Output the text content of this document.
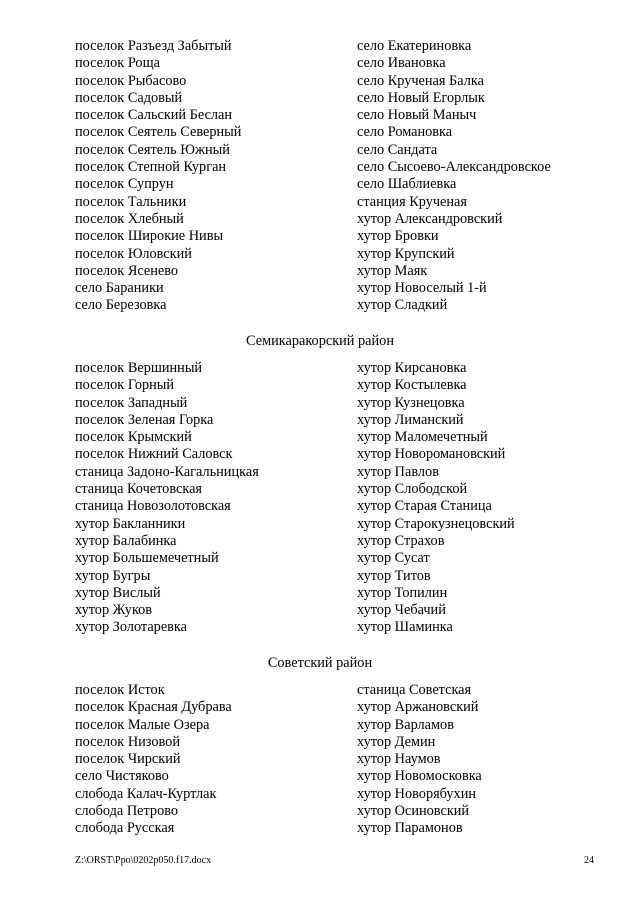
поселок Разъезд Забытый
поселок Роща
поселок Рыбасово
поселок Садовый
поселок Сальский Беслан
поселок Сеятель Северный
поселок Сеятель Южный
поселок Степной Курган
поселок Супрун
поселок Тальники
поселок Хлебный
поселок Широкие Нивы
поселок Юловский
поселок Ясенево
село Бараники
село Березовка
село Екатериновка
село Ивановка
село Крученая Балка
село Новый Егорлык
село Новый Маныч
село Романовка
село Сандата
село Сысоево-Александровское
село Шаблиевка
станция Крученая
хутор Александровский
хутор Бровки
хутор Крупский
хутор Маяк
хутор Новоселый 1-й
хутор Сладкий
Семикаракорский район
поселок Вершинный
поселок Горный
поселок Западный
поселок Зеленая Горка
поселок Крымский
поселок Нижний Саловск
станица Задоно-Кагальницкая
станица Кочетовская
станица Новозолотовская
хутор Бакланники
хутор Балабинка
хутор Большемечетный
хутор Бугры
хутор Вислый
хутор Жуков
хутор Золотаревка
хутор Кирсановка
хутор Костылевка
хутор Кузнецовка
хутор Лиманский
хутор Маломечетный
хутор Новоромановский
хутор Павлов
хутор Слободской
хутор Старая Станица
хутор Старокузнецовский
хутор Страхов
хутор Сусат
хутор Титов
хутор Топилин
хутор Чебачий
хутор Шаминка
Советский район
поселок Исток
поселок Красная Дубрава
поселок Малые Озера
поселок Низовой
поселок Чирский
село Чистяково
слобода Калач-Куртлак
слобода Петрово
слобода Русская
станица Советская
хутор Аржановский
хутор Варламов
хутор Демин
хутор Наумов
хутор Новомосковка
хутор Новорябухин
хутор Осиновский
хутор Парамонов
Z:\ORST\Ppo\0202p050.f17.docx	24
